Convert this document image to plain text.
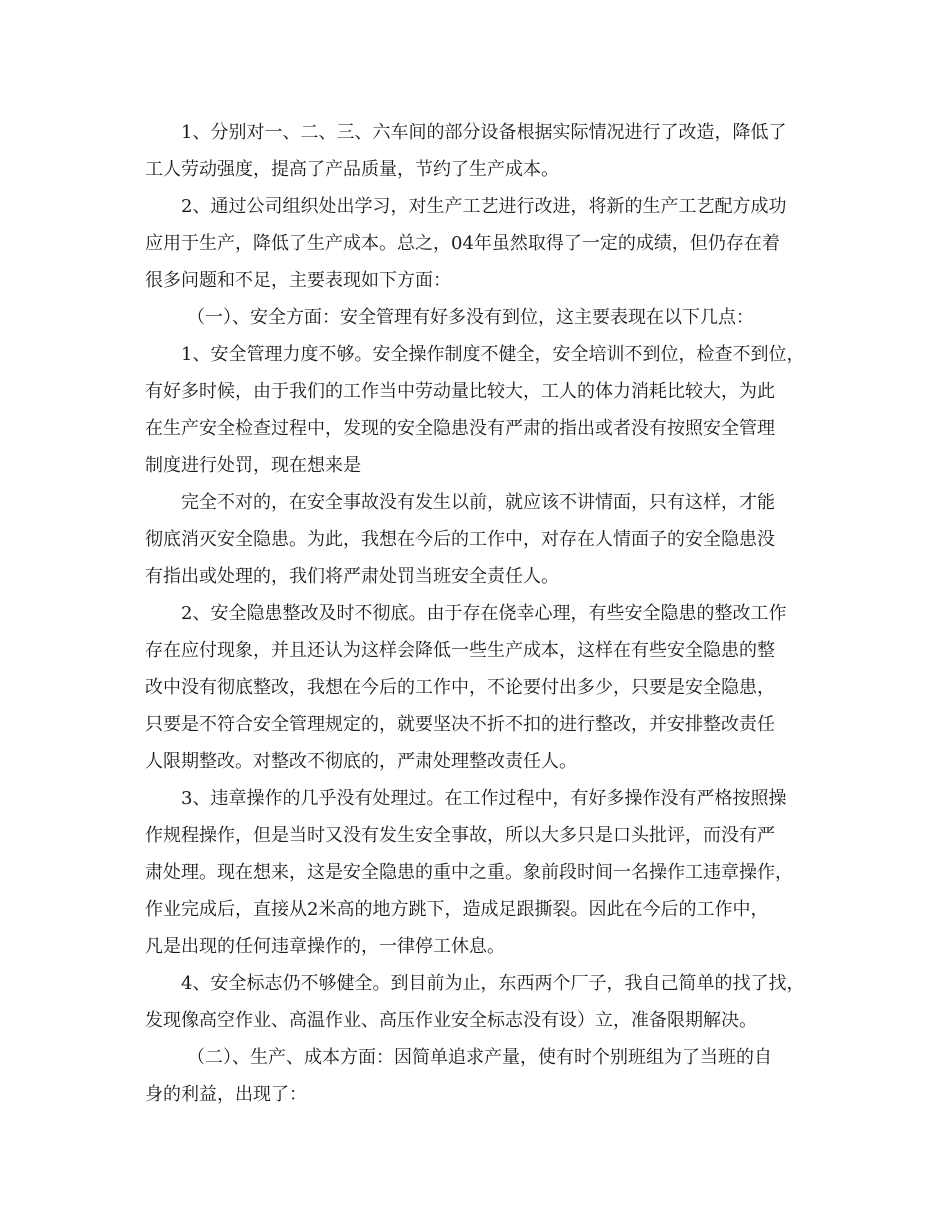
1、分别对一、二、三、六车间的部分设备根据实际情况进行了改造，降低了
工人劳动强度，提高了产品质量，节约了生产成本。
2、通过公司组织处出学习，对生产工艺进行改进，将新的生产工艺配方成功
应用于生产，降低了生产成本。总之，04年虽然取得了一定的成绩，但仍存在着
很多问题和不足，主要表现如下方面：
（一）、安全方面：安全管理有好多没有到位，这主要表现在以下几点：
1、安全管理力度不够。安全操作制度不健全，安全培训不到位，检查不到位，
有好多时候，由于我们的工作当中劳动量比较大，工人的体力消耗比较大，为此
在生产安全检查过程中，发现的安全隐患没有严肃的指出或者没有按照安全管理
制度进行处罚，现在想来是
完全不对的，在安全事故没有发生以前，就应该不讲情面，只有这样，才能
彻底消灭安全隐患。为此，我想在今后的工作中，对存在人情面子的安全隐患没
有指出或处理的，我们将严肃处罚当班安全责任人。
2、安全隐患整改及时不彻底。由于存在侥幸心理，有些安全隐患的整改工作
存在应付现象，并且还认为这样会降低一些生产成本，这样在有些安全隐患的整
改中没有彻底整改，我想在今后的工作中，不论要付出多少，只要是安全隐患，
只要是不符合安全管理规定的，就要坚决不折不扣的进行整改，并安排整改责任
人限期整改。对整改不彻底的，严肃处理整改责任人。
3、违章操作的几乎没有处理过。在工作过程中，有好多操作没有严格按照操
作规程操作，但是当时又没有发生安全事故，所以大多只是口头批评，而没有严
肃处理。现在想来，这是安全隐患的重中之重。象前段时间一名操作工违章操作，
作业完成后，直接从2米高的地方跳下，造成足跟撕裂。因此在今后的工作中，
凡是出现的任何违章操作的，一律停工休息。
4、安全标志仍不够健全。到目前为止，东西两个厂子，我自己简单的找了找，
发现像高空作业、高温作业、高压作业安全标志没有设）立，准备限期解决。
（二）、生产、成本方面：因简单追求产量，使有时个别班组为了当班的自
身的利益，出现了：
